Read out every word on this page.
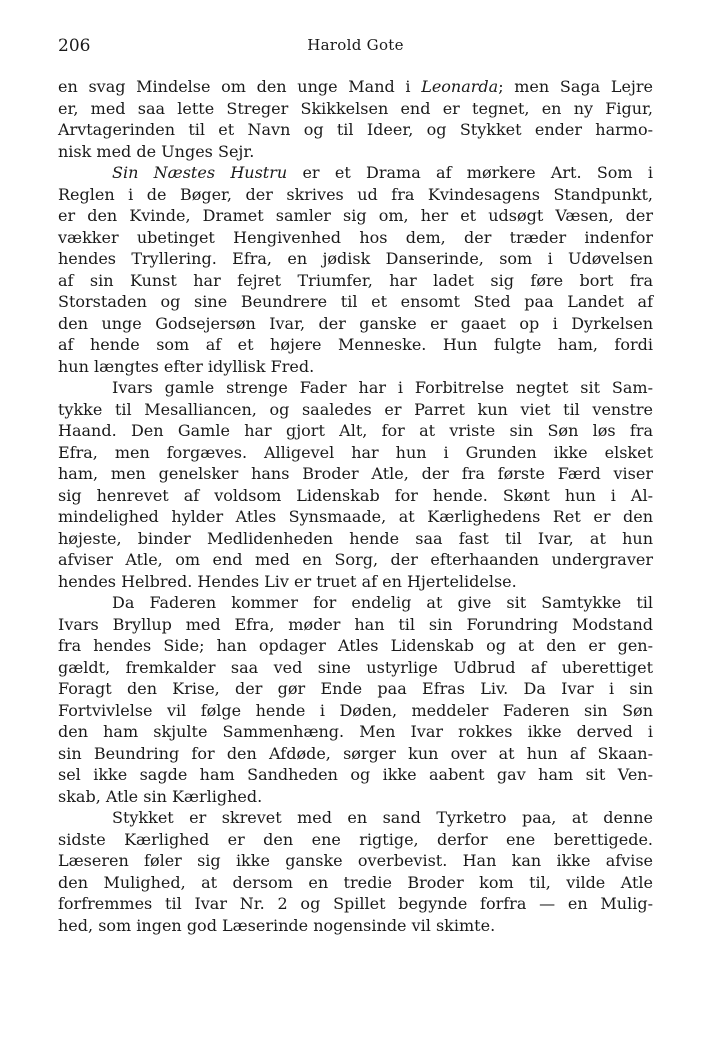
206	Harold Gote
en svag Mindelse om den unge Mand i Leonarda; men Saga Lejre
er, med saa lette Streger Skikkelsen end er tegnet, en ny Figur,
Arvtagerinden til et Navn og til Ideer, og Stykket ender harmo-
nisk med de Unges Sejr.
Sin Næstes Hustru er et Drama af mørkere Art. Som i
Reglen i de Bøger, der skrives ud fra Kvindesagens Standpunkt,
er den Kvinde, Dramet samler sig om, her et udsøgt Væsen, der
vækker ubetinget Hengivenhed hos dem, der træder indenfor
hendes Tryllering. Efra, en jødisk Danserinde, som i Udøvelsen
af sin Kunst har fejret Triumfer, har ladet sig føre bort fra
Storstaden og sine Beundrere til et ensomt Sted paa Landet af
den unge Godsejersøn Ivar, der ganske er gaaet op i Dyrkelsen
af hende som af et højere Menneske. Hun fulgte ham, fordi
hun længtes efter idyllisk Fred.
Ivars gamle strenge Fader har i Forbitrelse negtet sit Sam-
tykke til Mesalliancen, og saaledes er Parret kun viet til venstre
Haand. Den Gamle har gjort Alt, for at vriste sin Søn løs fra
Efra, men forgæves. Alligevel har hun i Grunden ikke elsket
ham, men genelsker hans Broder Atle, der fra første Færd viser
sig henrevet af voldsom Lidenskab for hende. Skønt hun i Al-
mindelighed hylder Atles Synsmaade, at Kærlighedens Ret er den
højeste, binder Medlidenheden hende saa fast til Ivar, at hun
afviser Atle, om end med en Sorg, der efterhaanden undergraver
hendes Helbred. Hendes Liv er truet af en Hjertelidelse.
Da Faderen kommer for endelig at give sit Samtykke til
Ivars Bryllup med Efra, møder han til sin Forundring Modstand
fra hendes Side; han opdager Atles Lidenskab og at den er gen-
gældt, fremkalder saa ved sine ustyrlige Udbrud af uberettiget
Foragt den Krise, der gør Ende paa Efras Liv. Da Ivar i sin
Fortvivlelse vil følge hende i Døden, meddeler Faderen sin Søn
den ham skjulte Sammenhæng. Men Ivar rokkes ikke derved i
sin Beundring for den Afdøde, sørger kun over at hun af Skaan-
sel ikke sagde ham Sandheden og ikke aabent gav ham sit Ven-
skab, Atle sin Kærlighed.
Stykket er skrevet med en sand Tyrketro paa, at denne
sidste Kærlighed er den ene rigtige, derfor ene berettigede.
Læseren føler sig ikke ganske overbevist. Han kan ikke afvise
den Mulighed, at dersom en tredie Broder kom til, vilde Atle
forfremmes til Ivar Nr. 2 og Spillet begynde forfra — en Mulig-
hed, som ingen god Læserinde nogensinde vil skimte.
